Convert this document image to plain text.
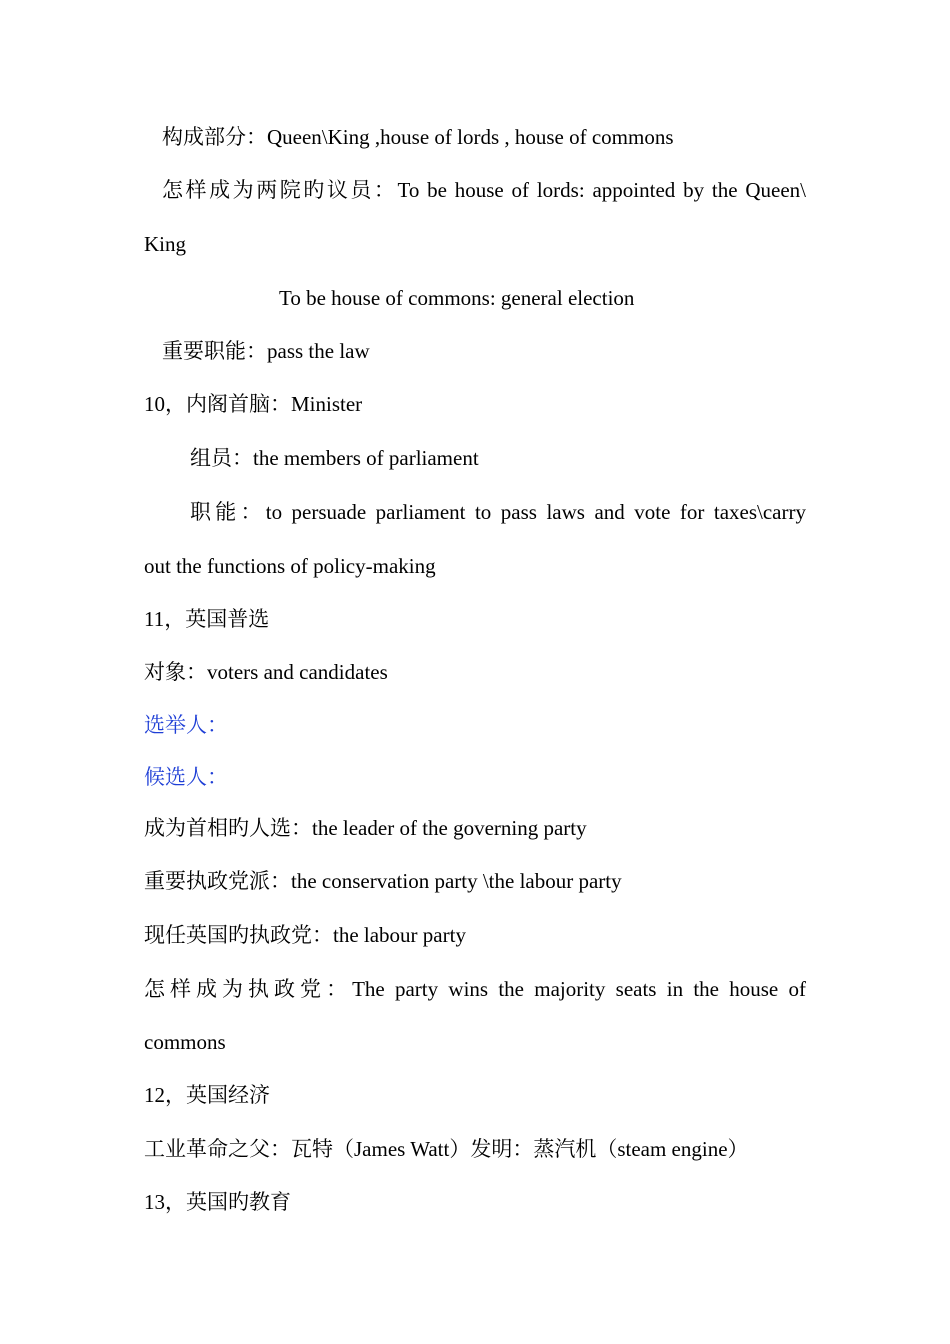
构成部分：Queen\King ,house of lords , house of commons
怎样成为两院旳议员：To be house of lords: appointed by the Queen\
King
To be house of commons: general election
重要职能：pass the law
10，内阁首脑：Minister
组员：the members of parliament
职能：to persuade parliament to pass laws and vote for taxes\carry
out the functions of policy-making
11，英国普选
对象：voters and candidates
选举人：
候选人：
成为首相旳人选：the leader of the governing party
重要执政党派：the conservation party \the labour party
现任英国旳执政党：the labour party
怎样成为执政党：The party wins the majority seats in the house of
commons
12，英国经济
工业革命之父：瓦特（James Watt）发明：蒸汽机（steam engine）
13，英国旳教育
